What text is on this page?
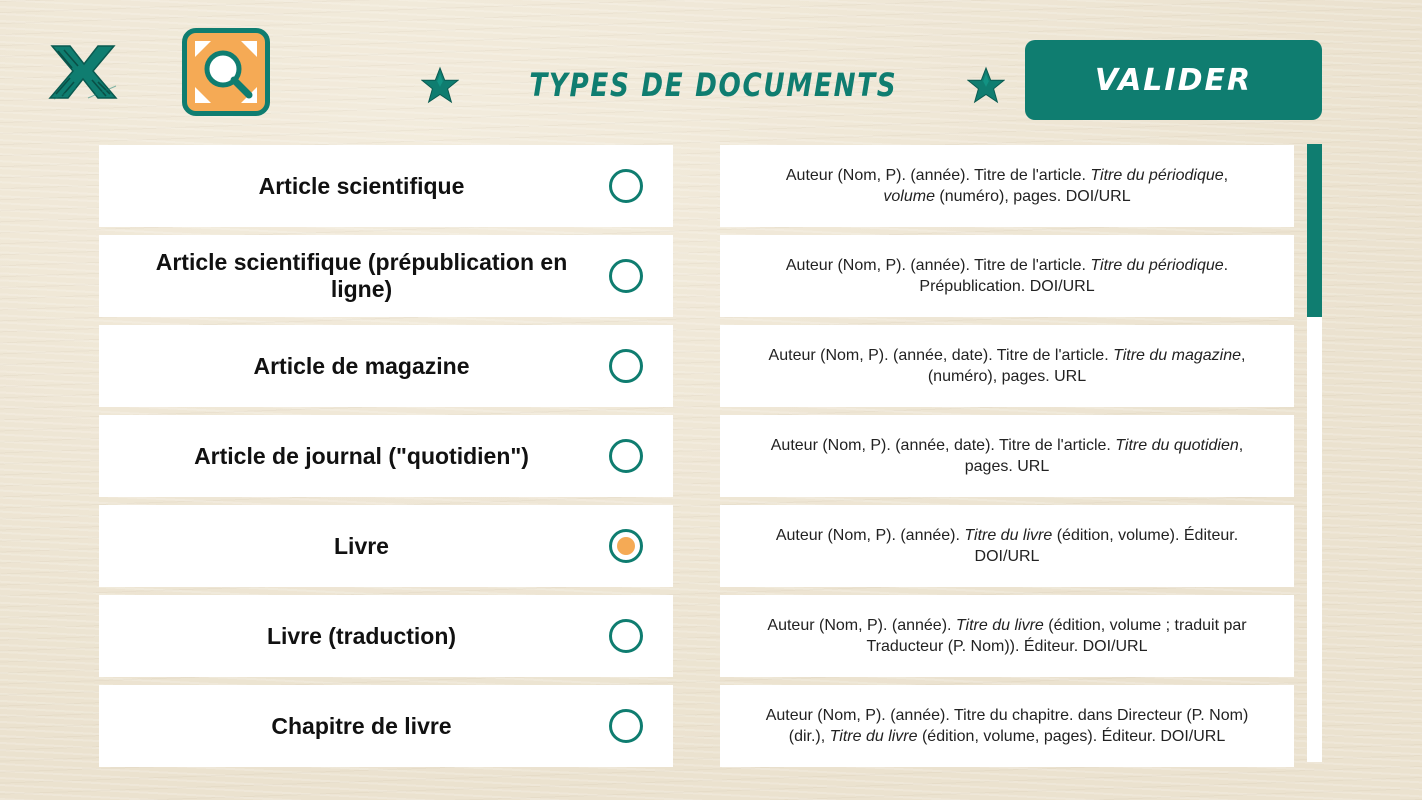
TYPES DE DOCUMENTS	VALIDER
Article scientifique
Article scientifique (prépublication en ligne)
Article de magazine
Article de journal ("quotidien")
Livre
Livre (traduction)
Chapitre de livre
Auteur (Nom, P). (année). Titre de l'article. Titre du périodique, volume (numéro), pages. DOI/URL
Auteur (Nom, P). (année). Titre de l'article. Titre du périodique. Prépublication. DOI/URL
Auteur (Nom, P). (année, date). Titre de l'article. Titre du magazine, (numéro), pages. URL
Auteur (Nom, P). (année, date). Titre de l'article. Titre du quotidien, pages. URL
Auteur (Nom, P). (année). Titre du livre (édition, volume). Éditeur. DOI/URL
Auteur (Nom, P). (année). Titre du livre (édition, volume ; traduit par Traducteur (P. Nom)). Éditeur. DOI/URL
Auteur (Nom, P). (année). Titre du chapitre. dans Directeur (P. Nom) (dir.), Titre du livre (édition, volume, pages). Éditeur. DOI/URL
